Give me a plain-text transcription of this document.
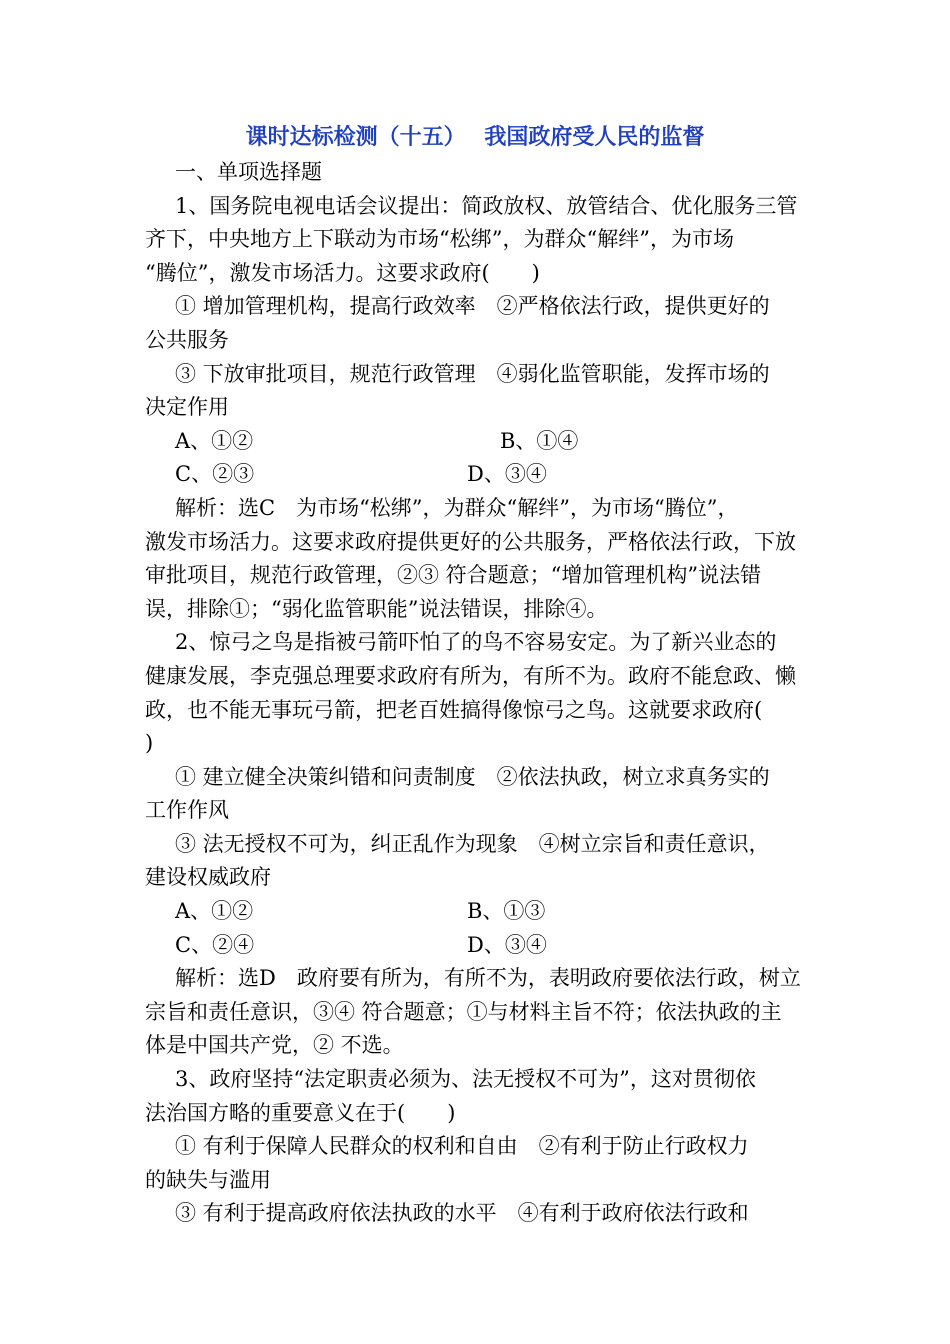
课时达标检测（十五）　 我国政府受人民的监督
一、单项选择题
1、国务院电视电话会议提出：简政放权、放管结合、优化服务三管
齐下，中央地方上下联动为市场“松绑”，为群众“解绊”，为市场
“腾位”，激发市场活力。这要求政府(　　)
① 增加管理机构，提高行政效率　②严格依法行政，提供更好的
公共服务
③ 下放审批项目，规范行政管理　④弱化监管职能，发挥市场的
决定作用
A、①②	B、①④
C、②③	D、③④
解析：选C　为市场“松绑”，为群众“解绊”，为市场“腾位”，
激发市场活力。这要求政府提供更好的公共服务，严格依法行政，下放
审批项目，规范行政管理，②③ 符合题意；“增加管理机构”说法错
误，排除①；“弱化监管职能”说法错误，排除④。
2、惊弓之鸟是指被弓箭吓怕了的鸟不容易安定。为了新兴业态的
健康发展，李克强总理要求政府有所为，有所不为。政府不能怠政、懒
政，也不能无事玩弓箭，把老百姓搞得像惊弓之鸟。这就要求政府(
)
① 建立健全决策纠错和问责制度　②依法执政，树立求真务实的
工作作风
③ 法无授权不可为，纠正乱作为现象　④树立宗旨和责任意识，
建设权威政府
A、①②	B、①③
C、②④	D、③④
解析：选D　政府要有所为，有所不为，表明政府要依法行政，树立
宗旨和责任意识，③④ 符合题意；①与材料主旨不符；依法执政的主
体是中国共产党，② 不选。
3、政府坚持“法定职责必须为、法无授权不可为”，这对贯彻依
法治国方略的重要意义在于(　　)
① 有利于保障人民群众的权利和自由　②有利于防止行政权力
的缺失与滥用
③ 有利于提高政府依法执政的水平　④有利于政府依法行政和
